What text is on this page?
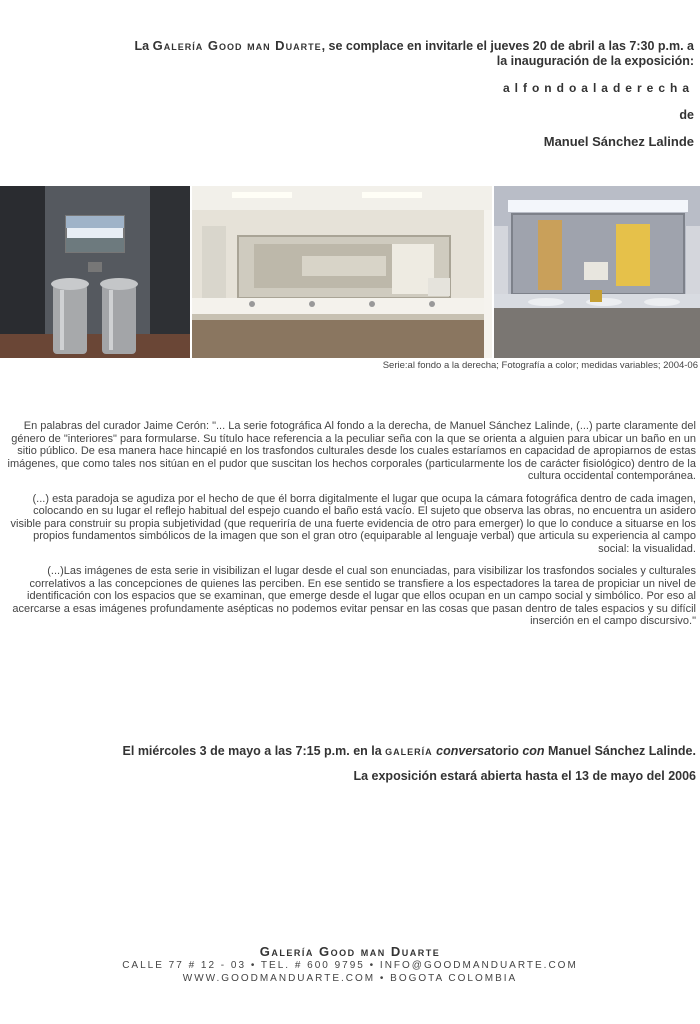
La Galería Good man Duarte, se complace en invitarle el jueves 20 de abril a las 7:30 p.m. a
la inauguración de la exposición:
alfondoaladerecha
de
Manuel Sánchez Lalinde
Serie:al fondo a la derecha; Fotografía a color; medidas variables; 2004-06

En palabras del curador Jaime Cerón: "... La serie fotográfica Al fondo a la derecha, de Manuel Sánchez Lalinde, (...) parte claramente del género de "interiores" para formularse. Su título hace referencia a la peculiar seña con la que se orienta a alguien para ubicar un baño en un sitio público. De esa manera hace hincapié en los trasfondos culturales desde los cuales estaríamos en capacidad de apropiarnos de estas imágenes, que como tales nos sitúan en el pudor que suscitan los hechos corporales (particularmente los de carácter fisiológico) dentro de la cultura occidental contemporánea.

(...) esta paradoja se agudiza por el hecho de que él borra digitalmente el lugar que ocupa la cámara fotográfica dentro de cada imagen, colocando en su lugar el reflejo habitual del espejo cuando el baño está vacío. El sujeto que observa las obras, no encuentra un asidero visible para construir su propia subjetividad (que requeriría de una fuerte evidencia de otro para emerger) lo que lo conduce a situarse en los propios fundamentos simbólicos de la imagen que son el gran otro (equiparable al lenguaje verbal) que articula su experiencia al campo social: la visualidad.

(...)Las imágenes de esta serie in visibilizan el lugar desde el cual son enunciadas, para visibilizar los trasfondos sociales y culturales correlativos a las concepciones de quienes las perciben. En ese sentido se transfiere a los espectadores la tarea de propiciar un nivel de identificación con los espacios que se examinan, que emerge desde el lugar que ellos ocupan en un campo social y simbólico. Por eso al acercarse a esas imágenes profundamente asépticas no podemos evitar pensar en las cosas que pasan dentro de tales espacios y su difícil inserción en el campo discursivo."

El miércoles 3 de mayo a las 7:15 p.m. en la galería conversatorio con Manuel Sánchez Lalinde.
La exposición estará abierta hasta el 13 de mayo del 2006
Galería Good man Duarte
CALLE 77 # 12 - 03 • TEL. # 600 9795 • INFO@GOODMANDUARTE.COM
WWW.GOODMANDUARTE.COM • BOGOTA COLOMBIA
